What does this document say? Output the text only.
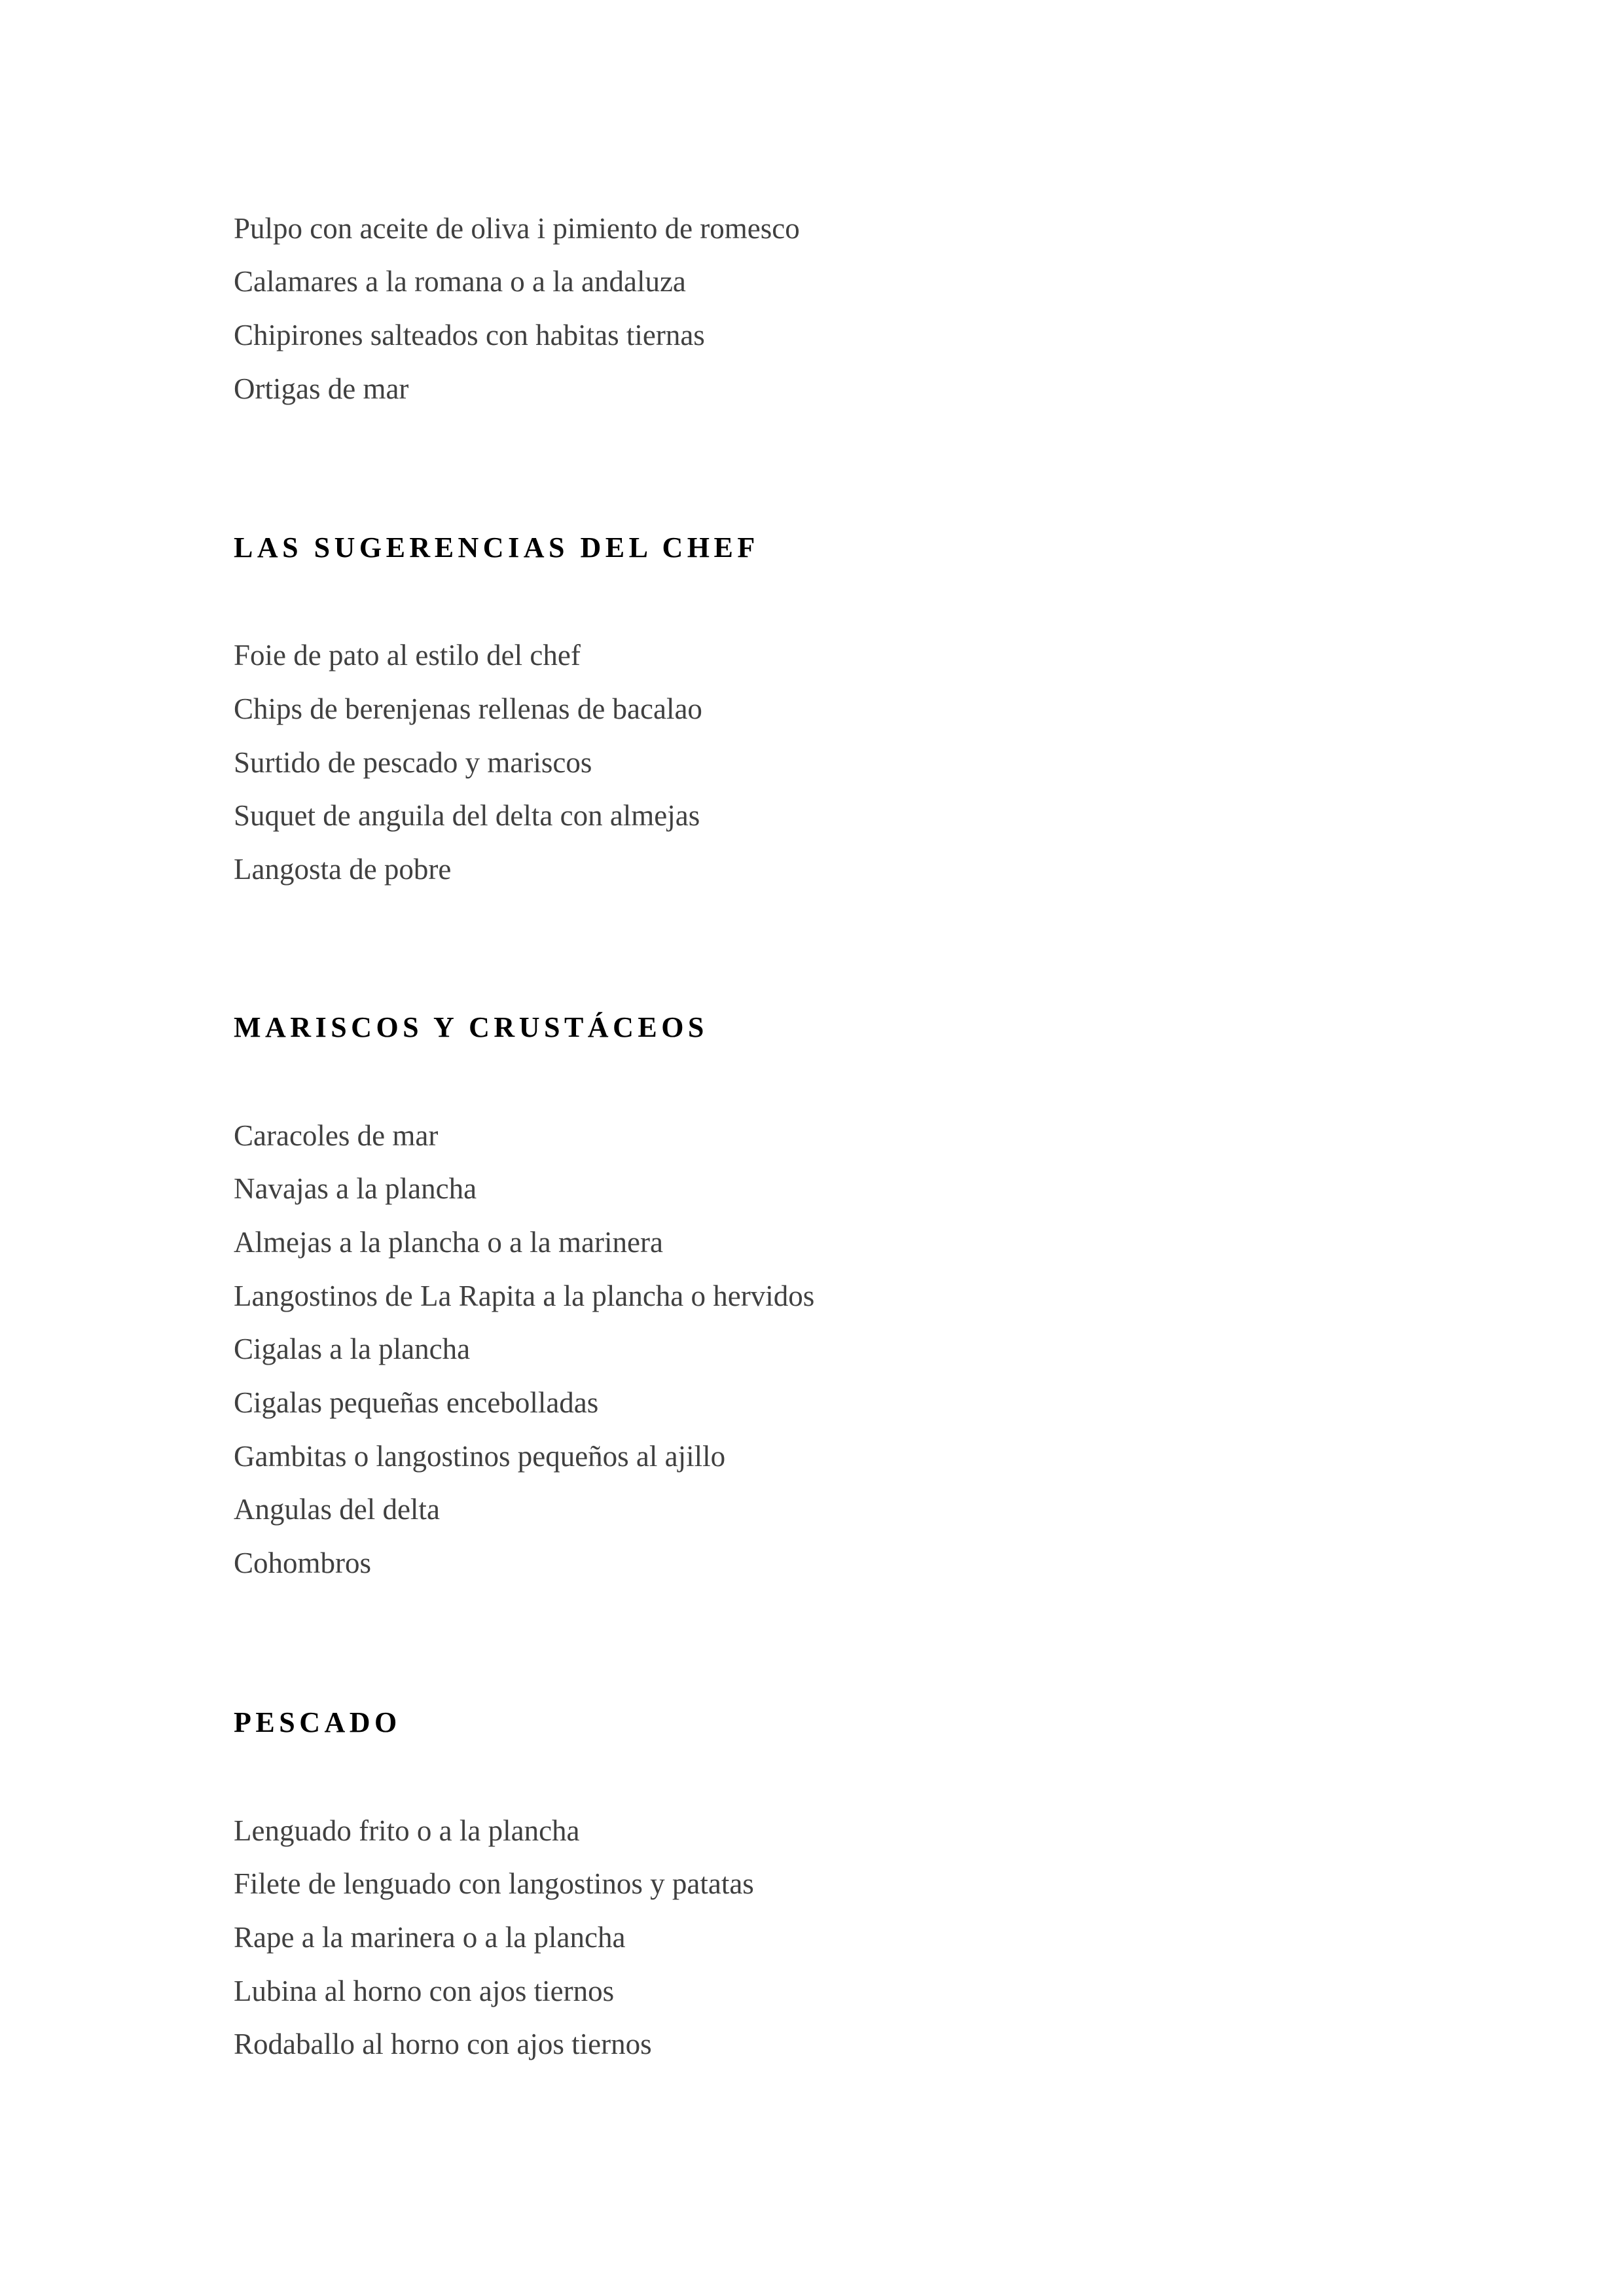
Pulpo con aceite de oliva i pimiento de romesco
Calamares a la romana o a la andaluza
Chipirones salteados con habitas tiernas
Ortigas de mar
LAS SUGERENCIAS DEL CHEF
Foie de pato al estilo del chef
Chips de berenjenas rellenas de bacalao
Surtido de pescado y mariscos
Suquet de anguila del delta con almejas
Langosta de pobre
MARISCOS Y CRUSTÁCEOS
Caracoles de mar
Navajas a la plancha
Almejas a la plancha o a la marinera
Langostinos de La Rapita a la plancha o hervidos
Cigalas a la plancha
Cigalas pequeñas encebolladas
Gambitas o langostinos pequeños al ajillo
Angulas del delta
Cohombros
PESCADO
Lenguado frito o a la plancha
Filete de lenguado con langostinos y patatas
Rape a la marinera o a la plancha
Lubina al horno con ajos tiernos
Rodaballo al horno con ajos tiernos
